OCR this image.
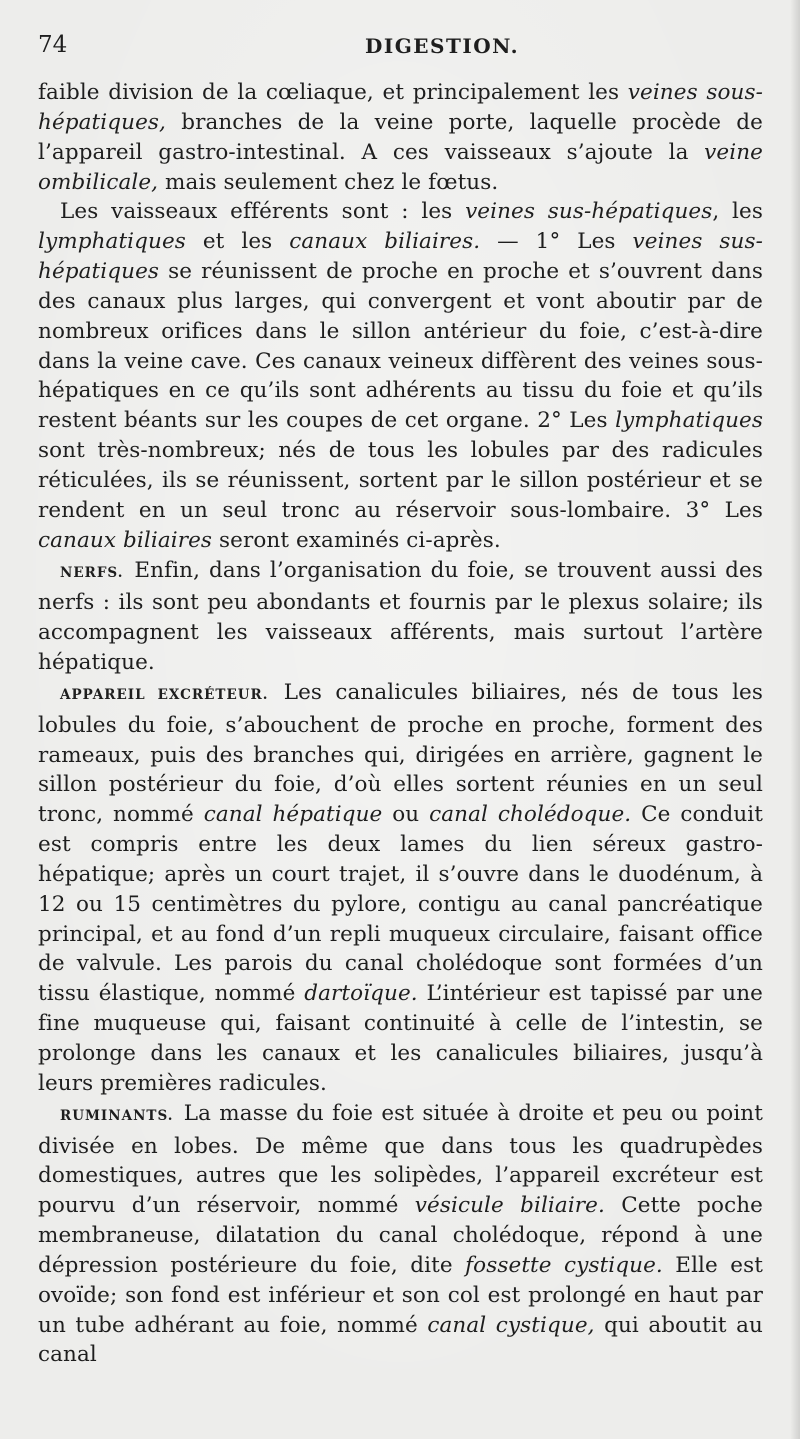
74	DIGESTION.

faible division de la cœliaque, et principalement les veines sous-hépatiques, branches de la veine porte, laquelle procède de l’appareil gastro-intestinal. A ces vaisseaux s’ajoute la veine ombilicale, mais seulement chez le fœtus.

Les vaisseaux efférents sont : les veines sus-hépatiques, les lymphatiques et les canaux biliaires. — 1° Les veines sus-hépatiques se réunissent de proche en proche et s’ouvrent dans des canaux plus larges, qui convergent et vont aboutir par de nombreux orifices dans le sillon antérieur du foie, c’est-à-dire dans la veine cave. Ces canaux veineux diffèrent des veines sous-hépatiques en ce qu’ils sont adhérents au tissu du foie et qu’ils restent béants sur les coupes de cet organe. 2° Les lymphatiques sont très-nombreux; nés de tous les lobules par des radicules réticulées, ils se réunissent, sortent par le sillon postérieur et se rendent en un seul tronc au réservoir sous-lombaire. 3° Les canaux biliaires seront examinés ci-après.

NERFS. Enfin, dans l’organisation du foie, se trouvent aussi des nerfs : ils sont peu abondants et fournis par le plexus solaire; ils accompagnent les vaisseaux afférents, mais surtout l’artère hépatique.

APPAREIL EXCRÉTEUR. Les canalicules biliaires, nés de tous les lobules du foie, s’abouchent de proche en proche, forment des rameaux, puis des branches qui, dirigées en arrière, gagnent le sillon postérieur du foie, d’où elles sortent réunies en un seul tronc, nommé canal hépatique ou canal cholédoque. Ce conduit est compris entre les deux lames du lien séreux gastro-hépatique; après un court trajet, il s’ouvre dans le duodénum, à 12 ou 15 centimètres du pylore, contigu au canal pancréatique principal, et au fond d’un repli muqueux circulaire, faisant office de valvule. Les parois du canal cholédoque sont formées d’un tissu élastique, nommé dartoïque. L’intérieur est tapissé par une fine muqueuse qui, faisant continuité à celle de l’intestin, se prolonge dans les canaux et les canalicules biliaires, jusqu’à leurs premières radicules.

RUMINANTS. La masse du foie est située à droite et peu ou point divisée en lobes. De même que dans tous les quadrupèdes domestiques, autres que les solipèdes, l’appareil excréteur est pourvu d’un réservoir, nommé vésicule biliaire. Cette poche membraneuse, dilatation du canal cholédoque, répond à une dépression postérieure du foie, dite fossette cystique. Elle est ovoïde; son fond est inférieur et son col est prolongé en haut par un tube adhérant au foie, nommé canal cystique, qui aboutit au canal
